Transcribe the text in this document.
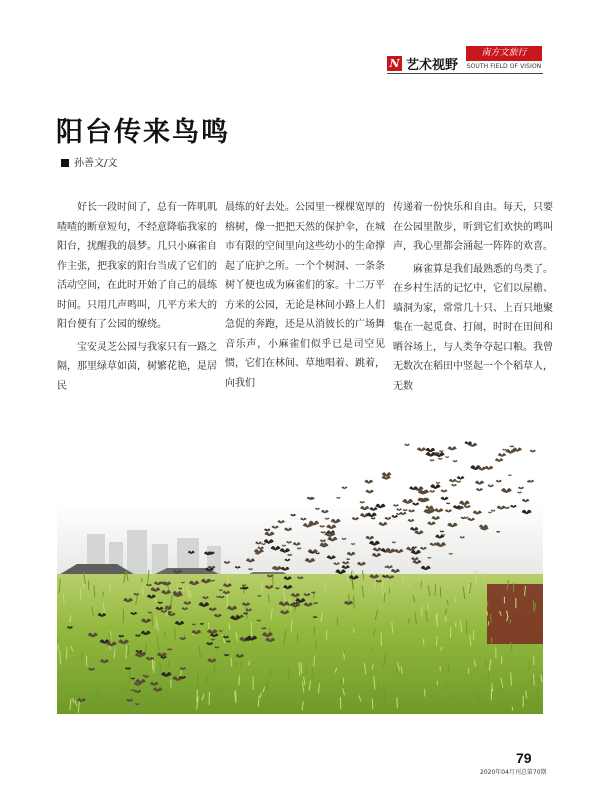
N 艺术视野
南方文旅行
SOUTH FIELD OF VISION
阳台传来鸟鸣
孙善文/文

好长一段时间了，总有一阵叽叽喳喳的断章短句，不经意降临我家的阳台，扰醒我的晨梦。几只小麻雀自作主张，把我家的阳台当成了它们的活动空间，在此时开始了自己的晨练时间。只用几声鸣叫，几平方米大的阳台便有了公园的缭绕。

宝安灵芝公园与我家只有一路之隔，那里绿草如茵，树繁花艳，是居民

晨练的好去处。公园里一棵棵宽厚的榕树，像一把把天然的保护伞，在城市有限的空间里向这些幼小的生命撑起了庇护之所。一个个树洞、一条条树丫便也成为麻雀们的家。十二万平方米的公园，无论是林间小路上人们急促的奔跑，还是从消彼长的广场舞音乐声，小麻雀们似乎已是司空见惯，它们在林间、草地唱着、跳着，向我们

传递着一份快乐和自由。每天，只要在公园里散步，听到它们欢快的鸣叫声，我心里都会涌起一阵阵的欢喜。

麻雀算是我们最熟悉的鸟类了。在乡村生活的记忆中，它们以屋檐、墙洞为家，常常几十只、上百只地聚集在一起觅食、打闹，时时在田间和晒谷场上，与人类争夺起口粮。我曾无数次在稻田中竖起一个个稻草人，无数

79
2020年04月刊总第70期
